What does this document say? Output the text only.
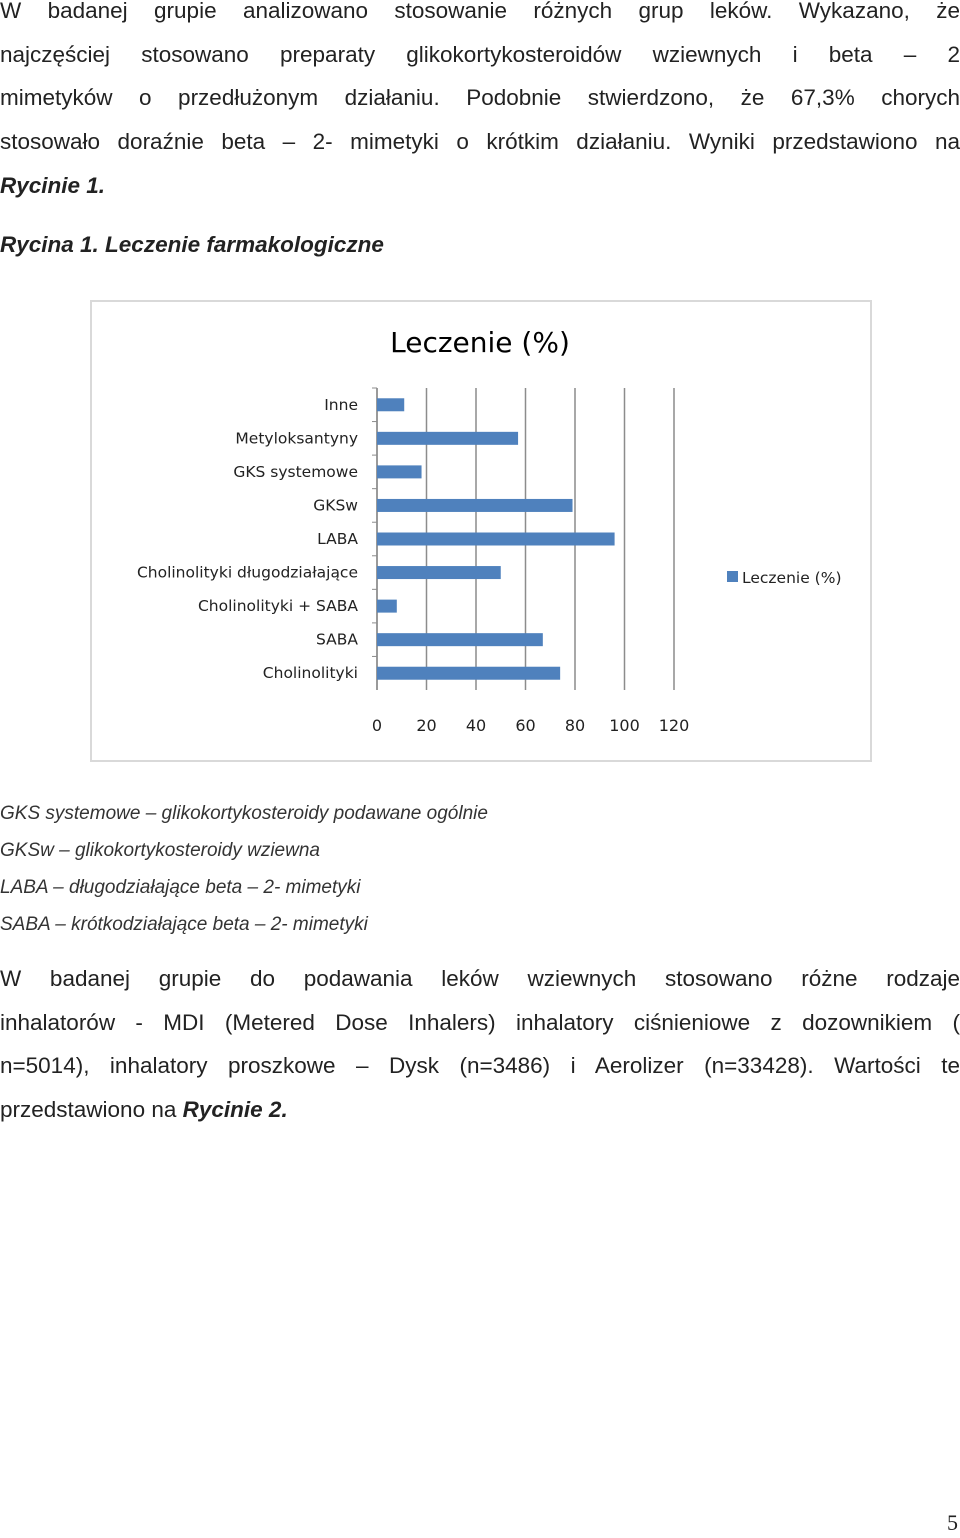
W badanej grupie analizowano stosowanie różnych grup leków. Wykazano, że
najczęściej stosowano preparaty glikokortykosteroidów wziewnych i beta – 2
mimetyków o przedłużonym działaniu. Podobnie stwierdzono, że 67,3% chorych
stosowało doraźnie beta – 2- mimetyki o krótkim działaniu. Wyniki przedstawiono na
Rycinie 1.
Rycina 1. Leczenie farmakologiczne
Leczenie (%)
0 20 40 60 80 100 120
Inne
Metyloksantyny
GKS systemowe
GKSw
LABA
Cholinolityki długodziałające
Cholinolityki + SABA
SABA
Cholinolityki
Leczenie (%)
GKS systemowe – glikokortykosteroidy podawane ogólnie
GKSw – glikokortykosteroidy wziewna
LABA – długodziałające beta – 2- mimetyki
SABA – krótkodziałające beta – 2- mimetyki
W badanej grupie do podawania leków wziewnych stosowano różne rodzaje
inhalatorów - MDI (Metered Dose Inhalers) inhalatory ciśnieniowe z dozownikiem (
n=5014), inhalatory proszkowe – Dysk (n=3486) i Aerolizer (n=33428). Wartości te
przedstawiono na Rycinie 2.
5
